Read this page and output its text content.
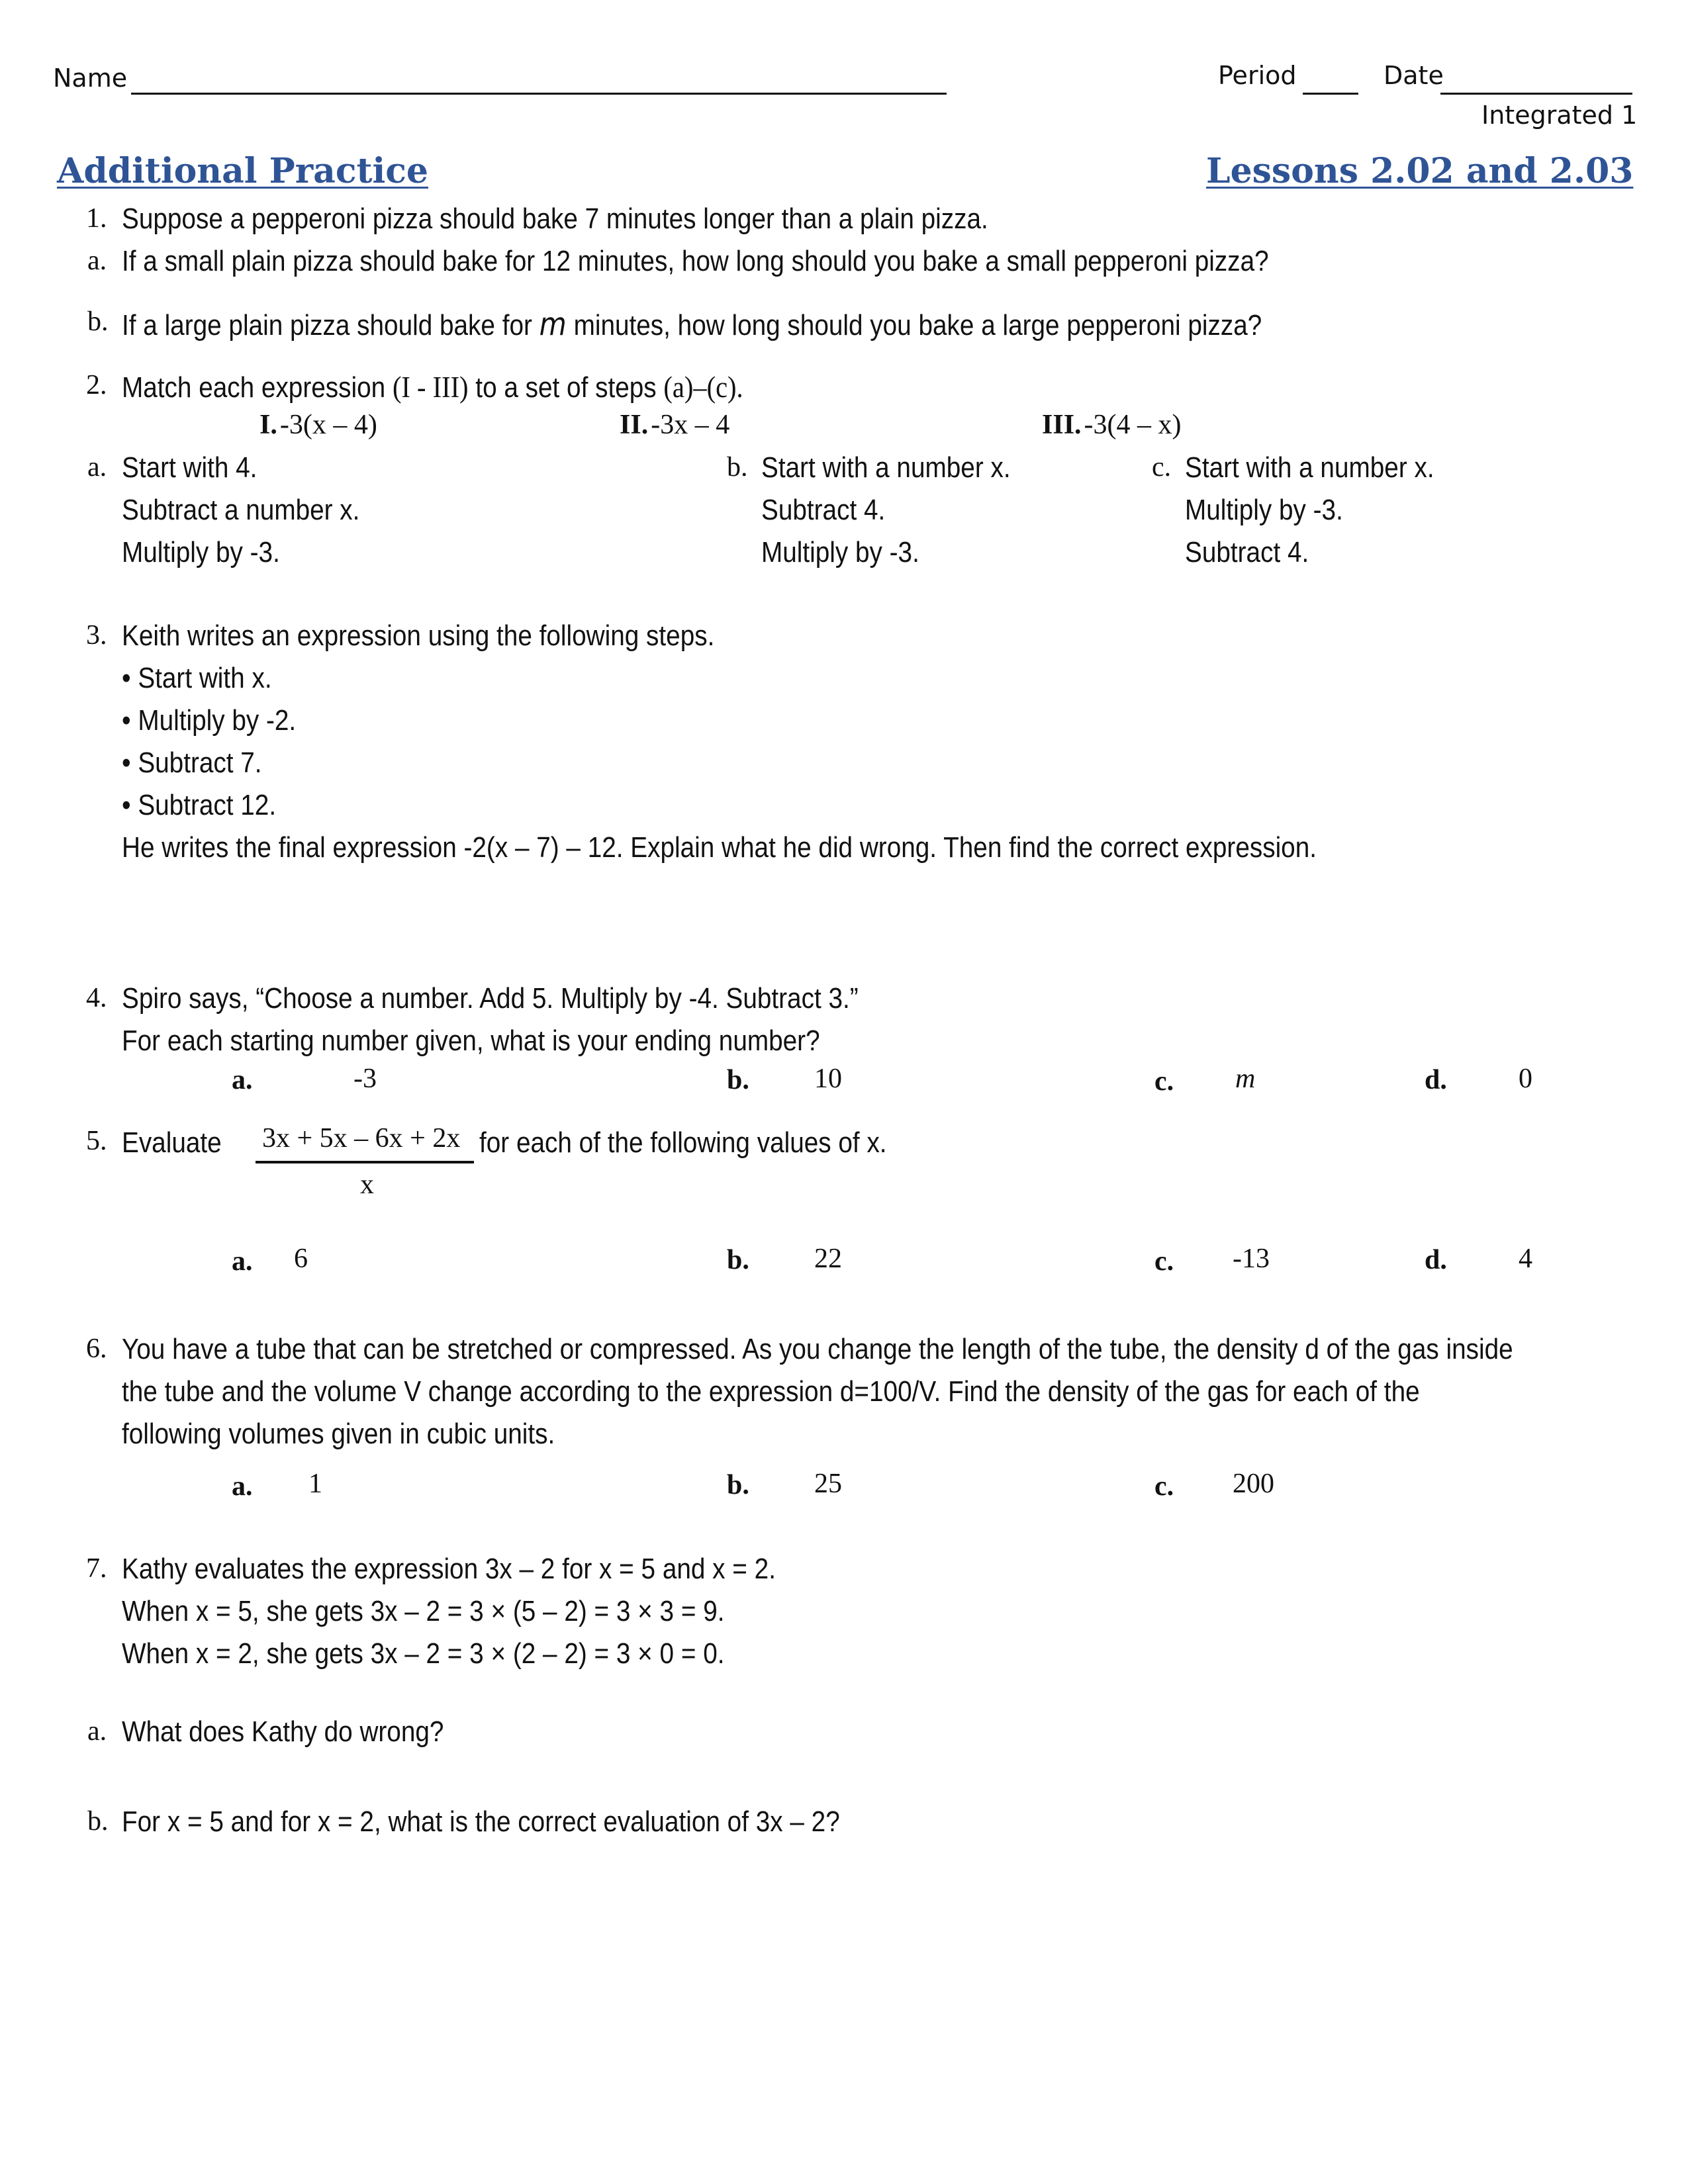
Name	Period	Date
Integrated 1
Additional Practice	Lessons 2.02 and 2.03
1. Suppose a pepperoni pizza should bake 7 minutes longer than a plain pizza.
a. If a small plain pizza should bake for 12 minutes, how long should you bake a small pepperoni pizza?
b. If a large plain pizza should bake for m minutes, how long should you bake a large pepperoni pizza?
2. Match each expression (I - III) to a set of steps (a)–(c).
I. -3(x – 4)	II. -3x – 4	III. -3(4 – x)
a. Start with 4.
Subtract a number x.
Multiply by -3.
b. Start with a number x.
Subtract 4.
Multiply by -3.
c. Start with a number x.
Multiply by -3.
Subtract 4.
3. Keith writes an expression using the following steps.
• Start with x.
• Multiply by -2.
• Subtract 7.
• Subtract 12.
He writes the final expression -2(x – 7) – 12. Explain what he did wrong. Then find the correct expression.
4. Spiro says, “Choose a number. Add 5. Multiply by -4. Subtract 3.”
For each starting number given, what is your ending number?
a.	-3	b. 10	c. m	d.	0
5. Evaluate 3x + 5x – 6x + 2x
x
for each of the following values of x.
a. 6	b. 22	c. -13	d.	4
6. You have a tube that can be stretched or compressed. As you change the length of the tube, the density d of the gas inside
the tube and the volume V change according to the expression d=100/V. Find the density of the gas for each of the
following volumes given in cubic units.
a. 1	b. 25	c. 200
7. Kathy evaluates the expression 3x – 2 for x = 5 and x = 2.
When x = 5, she gets 3x – 2 = 3 × (5 – 2) = 3 × 3 = 9.
When x = 2, she gets 3x – 2 = 3 × (2 – 2) = 3 × 0 = 0.
a. What does Kathy do wrong?
b. For x = 5 and for x = 2, what is the correct evaluation of 3x – 2?
